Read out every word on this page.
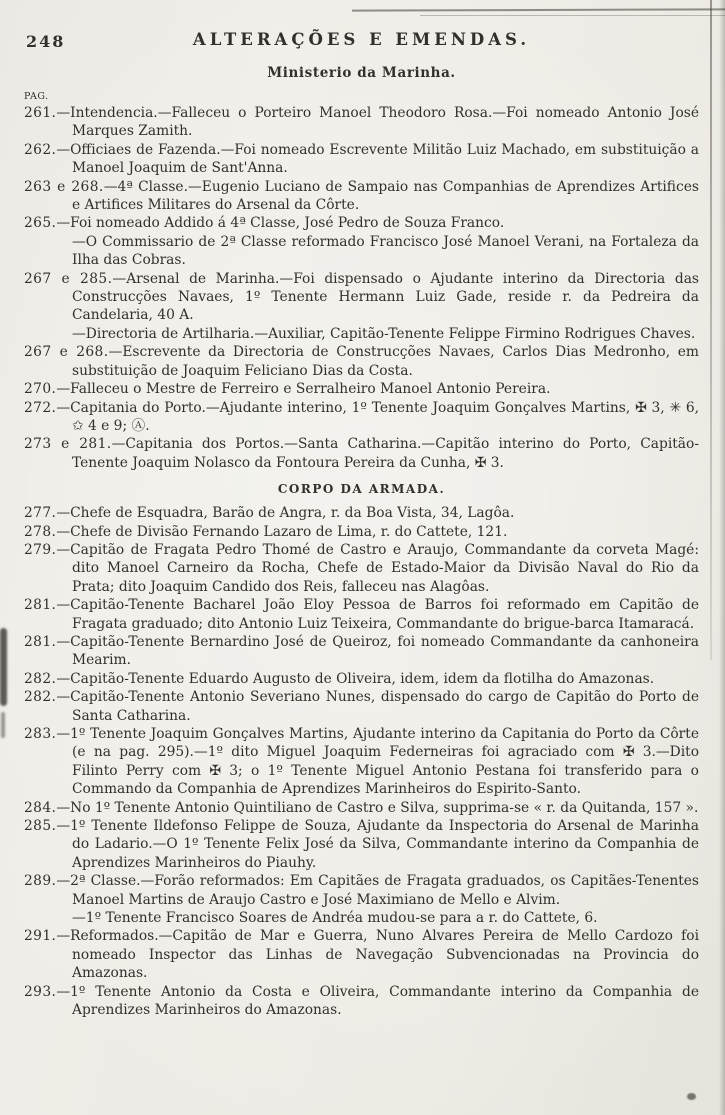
248	ALTERAÇÕES E EMENDAS.
Ministerio da Marinha.
PAG.

261.—Intendencia.—Falleceu o Porteiro Manoel Theodoro Rosa.—Foi nomeado Antonio José Marques Zamith.

262.—Officiaes de Fazenda.—Foi nomeado Escrevente Militão Luiz Machado, em substituição a Manoel Joaquim de Sant'Anna.

263 e 268.—4ª Classe.—Eugenio Luciano de Sampaio nas Companhias de Aprendizes Artifices e Artifices Militares do Arsenal da Côrte.

265.—Foi nomeado Addido á 4ª Classe, José Pedro de Souza Franco.

—O Commissario de 2ª Classe reformado Francisco José Manoel Verani, na Fortaleza da Ilha das Cobras.

267 e 285.—Arsenal de Marinha.—Foi dispensado o Ajudante interino da Directoria das Construcções Navaes, 1º Tenente Hermann Luiz Gade, reside r. da Pedreira da Candelaria, 40 A.

—Directoria de Artilharia.—Auxiliar, Capitão-Tenente Felippe Firmino Rodrigues Chaves.

267 e 268.—Escrevente da Directoria de Construcções Navaes, Carlos Dias Medronho, em substituição de Joaquim Feliciano Dias da Costa.

270.—Falleceu o Mestre de Ferreiro e Serralheiro Manoel Antonio Pereira.

272.—Capitania do Porto.—Ajudante interino, 1º Tenente Joaquim Gonçalves Martins, ✠ 3, ✳ 6, ✩ 4 e 9; Ⓐ.

273 e 281.—Capitania dos Portos.—Santa Catharina.—Capitão interino do Porto, Capitão-Tenente Joaquim Nolasco da Fontoura Pereira da Cunha, ✠ 3.

CORPO DA ARMADA.

277.—Chefe de Esquadra, Barão de Angra, r. da Boa Vista, 34, Lagôa.

278.—Chefe de Divisão Fernando Lazaro de Lima, r. do Cattete, 121.

279.—Capitão de Fragata Pedro Thomé de Castro e Araujo, Commandante da corveta Magé: dito Manoel Carneiro da Rocha, Chefe de Estado-Maior da Divisão Naval do Rio da Prata; dito Joaquim Candido dos Reis, falleceu nas Alagôas.

281.—Capitão-Tenente Bacharel João Eloy Pessoa de Barros foi reformado em Capitão de Fragata graduado; dito Antonio Luiz Teixeira, Commandante do brigue-barca Itamaracá.

281.—Capitão-Tenente Bernardino José de Queiroz, foi nomeado Commandante da canhoneira Mearim.

282.—Capitão-Tenente Eduardo Augusto de Oliveira, idem, idem da flotilha do Amazonas.

282.—Capitão-Tenente Antonio Severiano Nunes, dispensado do cargo de Capitão do Porto de Santa Catharina.

283.—1º Tenente Joaquim Gonçalves Martins, Ajudante interino da Capitania do Porto da Côrte (e na pag. 295).—1º dito Miguel Joaquim Federneiras foi agraciado com ✠ 3.—Dito Filinto Perry com ✠ 3; o 1º Tenente Miguel Antonio Pestana foi transferido para o Commando da Companhia de Aprendizes Marinheiros do Espirito-Santo.

284.—No 1º Tenente Antonio Quintiliano de Castro e Silva, supprima-se « r. da Quitanda, 157 ».

285.—1º Tenente Ildefonso Felippe de Souza, Ajudante da Inspectoria do Arsenal de Marinha do Ladario.—O 1º Tenente Felix José da Silva, Commandante interino da Companhia de Aprendizes Marinheiros do Piauhy.

289.—2ª Classe.—Forão reformados: Em Capitães de Fragata graduados, os Capitães-Tenentes Manoel Martins de Araujo Castro e José Maximiano de Mello e Alvim.

—1º Tenente Francisco Soares de Andréa mudou-se para a r. do Cattete, 6.

291.—Reformados.—Capitão de Mar e Guerra, Nuno Alvares Pereira de Mello Cardozo foi nomeado Inspector das Linhas de Navegação Subvencionadas na Provincia do Amazonas.

293.—1º Tenente Antonio da Costa e Oliveira, Commandante interino da Companhia de Aprendizes Marinheiros do Amazonas.
